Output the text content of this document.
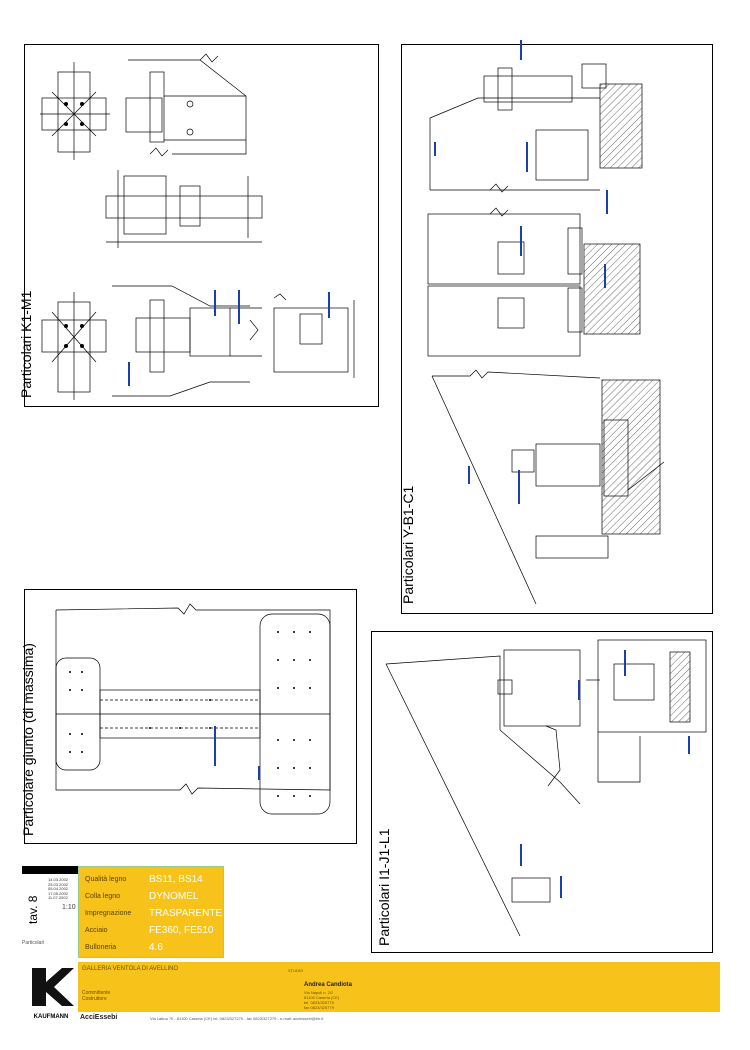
Particolari K1-M1
Particolari Y-B1-C1
Particolare giunto (di massima)
Particolari I1-J1-L1
tav. 8
14.03.2002
25.03.2002
05.04.2002
17.05.2002
11.07.2002
1:10
Particolari
Qualità legno BS11, BS14
Colla legno	DYNOMEL
Impregnazione TRASPARENTE
Acciaio	FE360, FE510
Bulloneria	4.6
GALLERIA VENTOLA DI AVELLINO
Committente
Costruttore
STUDIO
Andrea Candiota
Via Napoli n. 2/2
81100 Caserta (CE)
tel. 0823/325779
fax 0823/325779
KAUFMANN	AcciEssebi	Via Latina 70 - 81100 Caserta (CE) tel. 0823/327279 - fax 0823/327279 - e-mail: acciessebi@tin.it
